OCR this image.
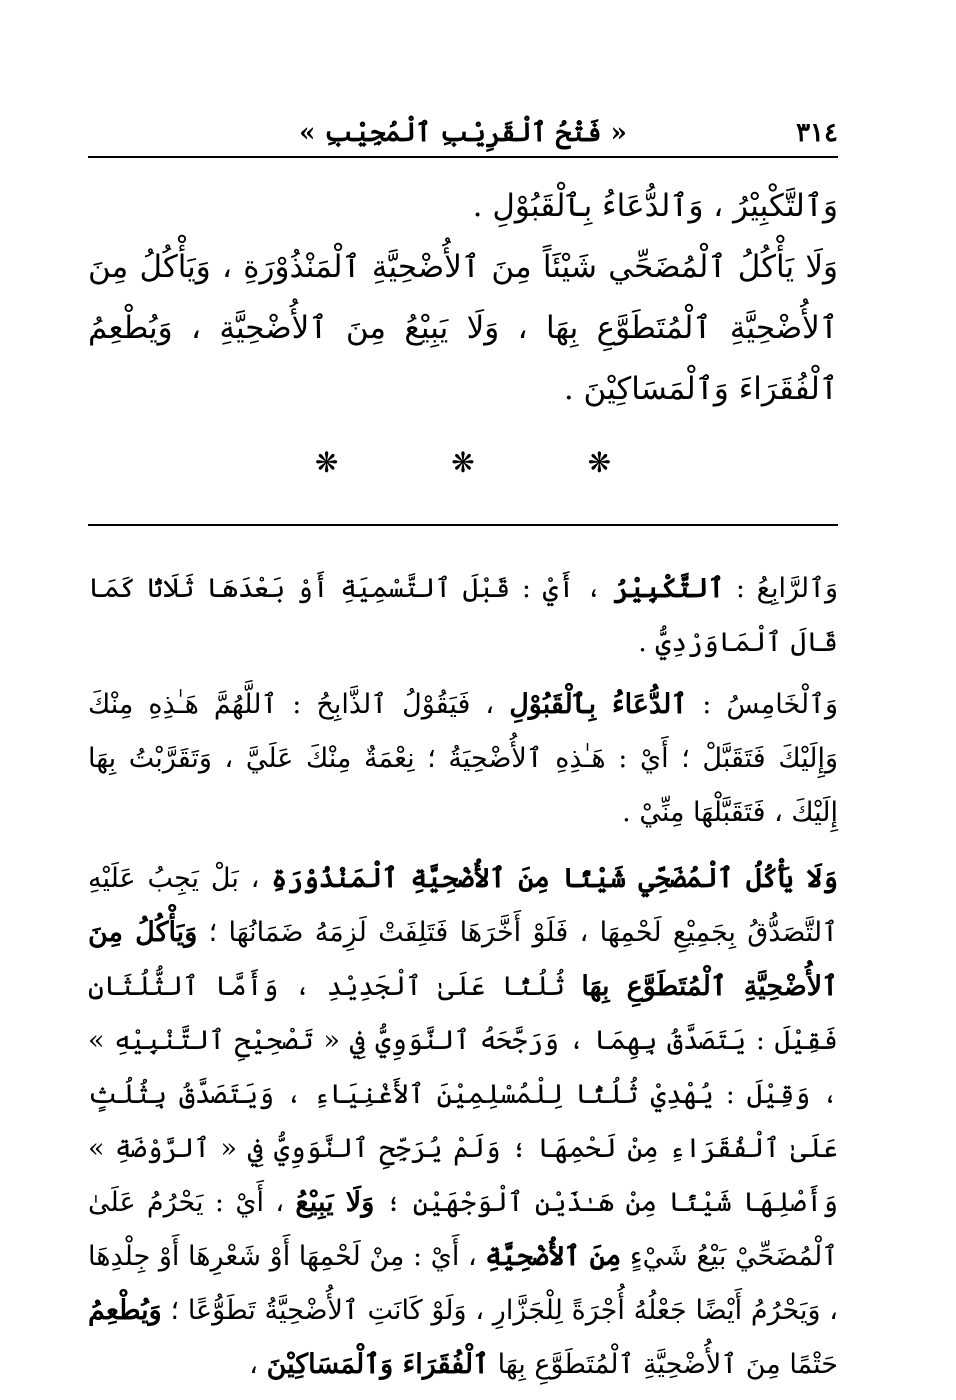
٣١٤
« فَتْحُ ٱلْقَرِيْبِ ٱلْمُجِيْبِ »

وَٱلتَّكْبِيْرُ ، وَٱلدُّعَاءُ بِٱلْقَبُوْلِ .

وَلَا يَأْكُلُ ٱلْمُضَحِّي شَيْئَاً مِنَ ٱلأُضْحِيَّةِ ٱلْمَنْذُوْرَةِ ، وَيَأْكُلُ مِنَ ٱلأُضْحِيَّةِ ٱلْمُتَطَوَّعِ بِهَا ، وَلَا يَبِيْعُ مِنَ ٱلأُضْحِيَّةِ ، وَيُطْعِمُ ٱلْفُقَرَاءَ وَٱلْمَسَاكِيْنَ .

❋	❋	❋

وَٱلرَّابِعُ : ٱلتَّكْبِيْرُ ، أَيْ : قَبْلَ ٱلتَّسْمِيَةِ أَوْ بَعْدَهَا ثَلَاثًا كَمَا قَالَ ٱلْمَاوَرْدِيُّ .

وَٱلْخَامِسُ : ٱلدُّعَاءُ بِٱلْقَبُوْلِ ، فَيَقُوْلُ ٱلذَّابِحُ : ٱللَّهُمَّ هَـٰذِهِ مِنْكَ وَإِلَيْكَ فَتَقَبَّلْ ؛ أَيْ : هَـٰذِهِ ٱلأُضْحِيَةُ ؛ نِعْمَةٌ مِنْكَ عَلَيَّ ، وَتَقَرَّبْتُ بِهَا إِلَيْكَ ، فَتَقَبَّلْهَا مِنِّيْ .

وَلَا يَأْكُلُ ٱلْمُضَحِّي شَيْئًا مِنَ ٱلأُضْحِيَّةِ ٱلْمَنْذُوْرَةِ ، بَلْ يَجِبُ عَلَيْهِ ٱلتَّصَدُّقُ بِجَمِيْعِ لَحْمِهَا ، فَلَوْ أَخَّرَهَا فَتَلِفَتْ لَزِمَهُ ضَمَانُهَا ؛ وَيَأْكُلُ مِنَ ٱلأُضْحِيَّةِ ٱلْمُتَطَوَّعِ بِهَا ثُلُثًا عَلَىٰ ٱلْجَدِيْدِ ، وَأَمَّا ٱلثُّلُثَانِ فَقِيْلَ : يَتَصَدَّقُ بِهِمَا ، وَرَجَّحَهُ ٱلنَّوَوِيُّ فِي « تَصْحِيْحِ ٱلتَّنْبِيْهِ » ، وَقِيْلَ : يُهْدِيْ ثُلُثًا لِلْمُسْلِمِيْنَ ٱلأَغْنِيَاءِ ، وَيَتَصَدَّقُ بِثُلُثٍ عَلَىٰ ٱلْفُقَرَاءِ مِنْ لَحْمِهَا ؛ وَلَمْ يُرَجِّحِ ٱلنَّوَوِيُّ فِي « ٱلرَّوْضَةِ » وَأَصْلِهَا شَيْئًا مِنْ هَـٰذَيْنِ ٱلْوَجْهَيْنِ ؛ وَلَا يَبِيْعُ ، أَيْ : يَحْرُمُ عَلَىٰ ٱلْمُضَحِّيْ بَيْعُ شَيْءٍ مِنَ ٱلأُضْحِيَّةِ ، أَيْ : مِنْ لَحْمِهَا أَوْ شَعْرِهَا أَوْ جِلْدِهَا ، وَيَحْرُمُ أَيْضًا جَعْلُهُ أُجْرَةً لِلْجَزَّارِ ، وَلَوْ كَانَتِ ٱلأُضْحِيَّةُ تَطَوُّعًا ؛ وَيُطْعِمُ حَتْمًا مِنَ ٱلأُضْحِيَّةِ ٱلْمُتَطَوَّعِ بِهَا ٱلْفُقَرَاءَ وَٱلْمَسَاكِيْنَ ،
